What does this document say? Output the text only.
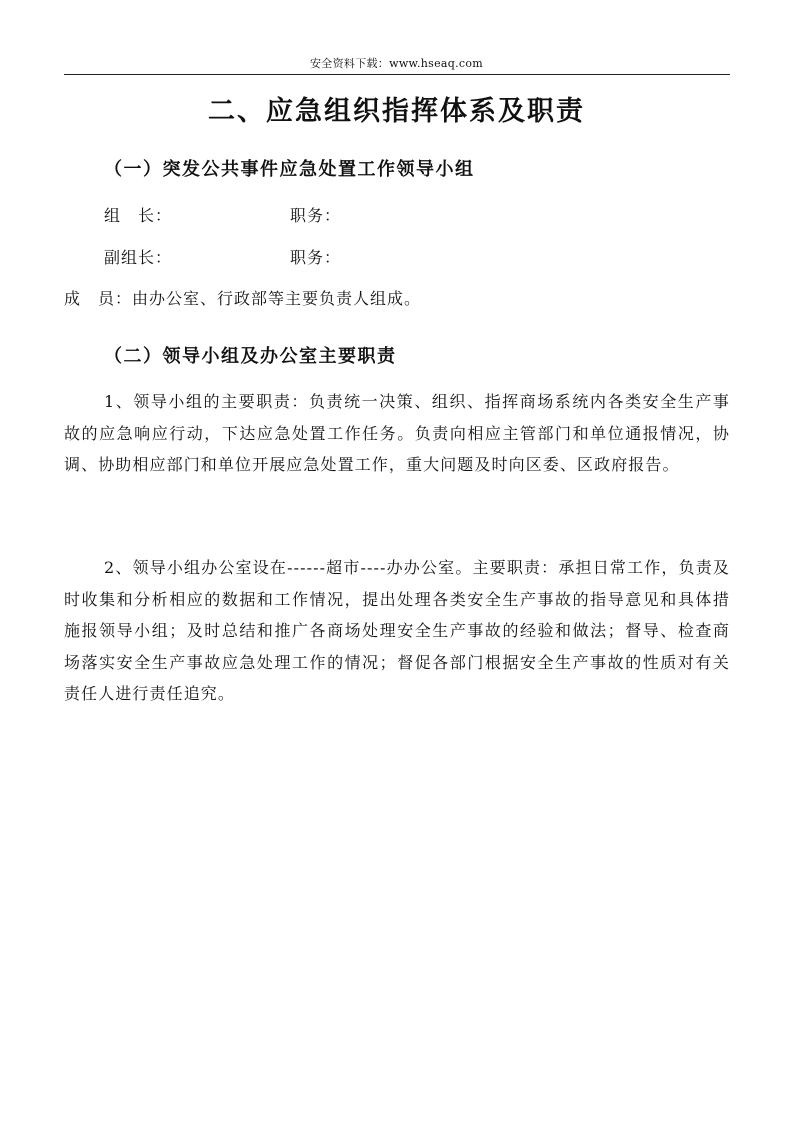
安全资料下载：www.hseaq.com
二、应急组织指挥体系及职责
（一）突发公共事件应急处置工作领导小组
组　长：	职务：
副组长：	职务：
成　员：由办公室、行政部等主要负责人组成。
（二）领导小组及办公室主要职责

1、领导小组的主要职责：负责统一决策、组织、指挥商场系统内各类安全生产事故的应急响应行动，下达应急处置工作任务。负责向相应主管部门和单位通报情况，协调、协助相应部门和单位开展应急处置工作，重大问题及时向区委、区政府报告。

2、领导小组办公室设在------超市----办办公室。主要职责：承担日常工作，负责及时收集和分析相应的数据和工作情况，提出处理各类安全生产事故的指导意见和具体措施报领导小组；及时总结和推广各商场处理安全生产事故的经验和做法；督导、检查商场落实安全生产事故应急处理工作的情况；督促各部门根据安全生产事故的性质对有关责任人进行责任追究。
